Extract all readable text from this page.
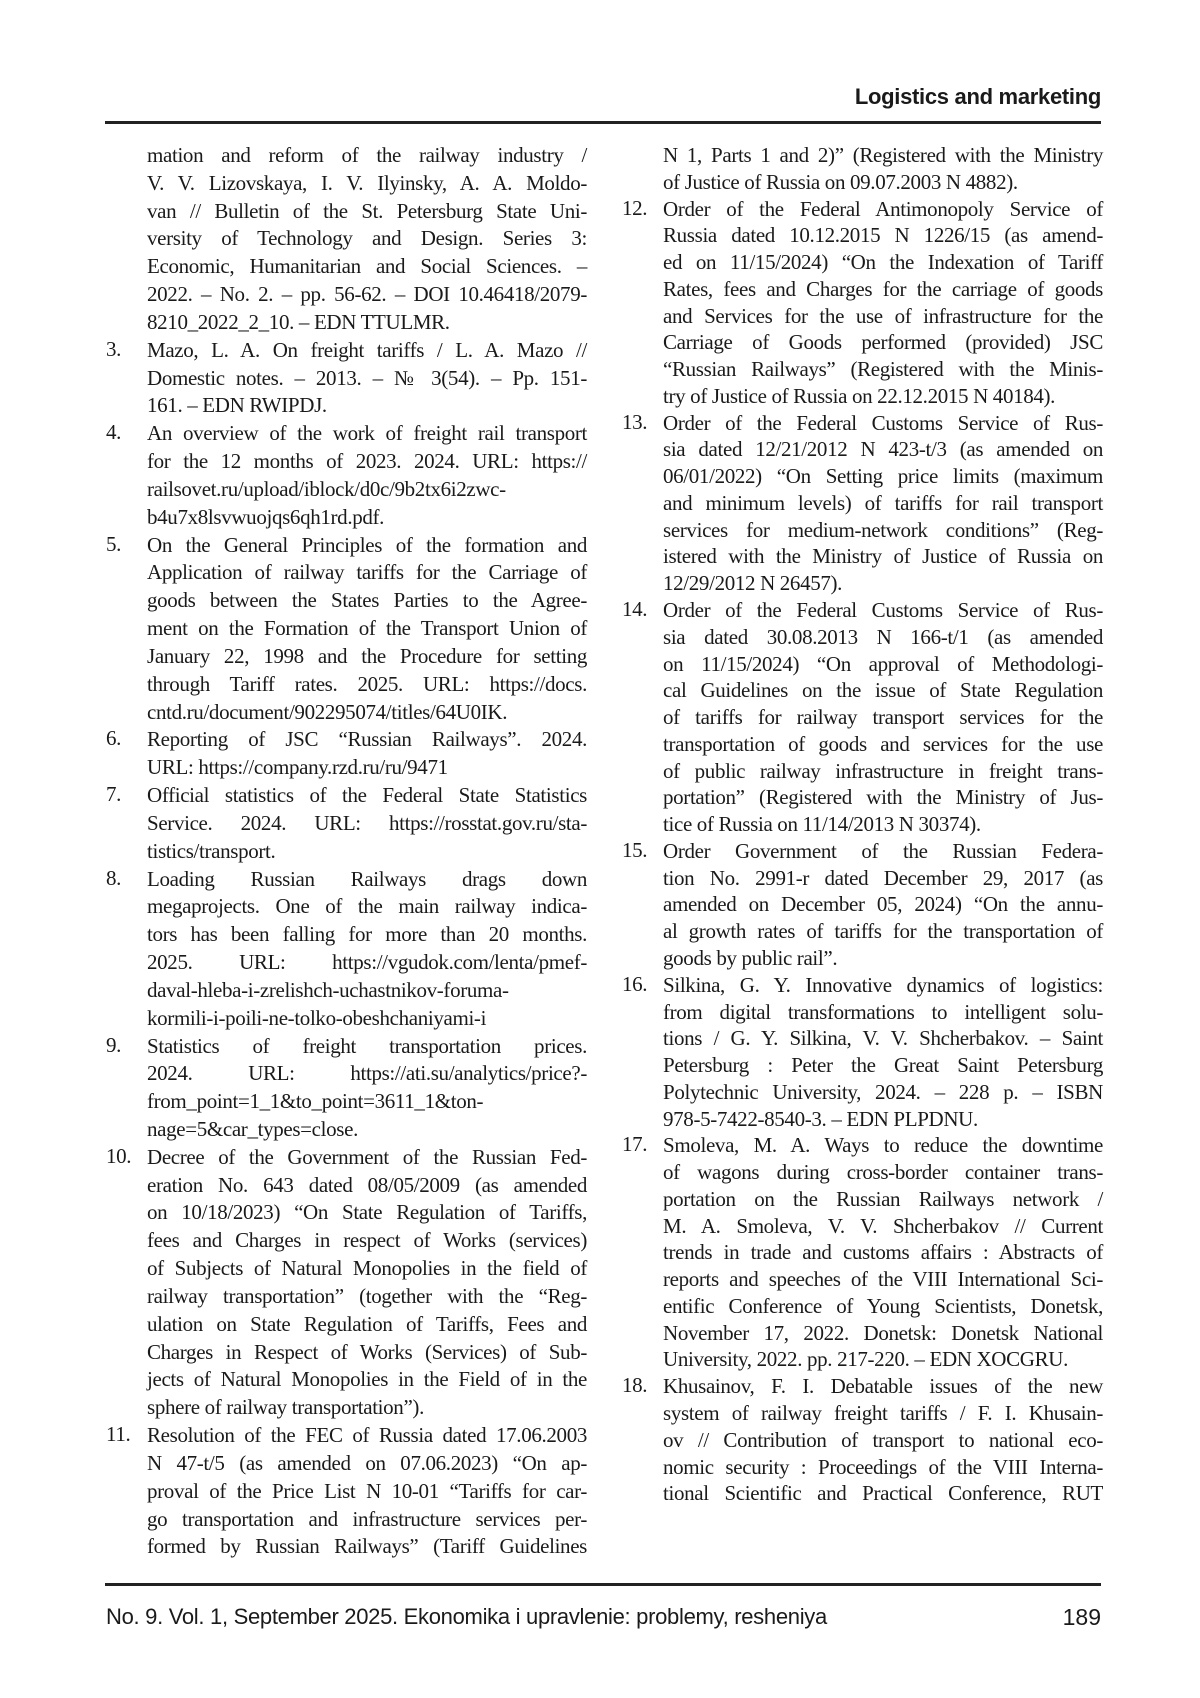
Logistics and marketing
mation and reform of the railway industry /
V. V. Lizovskaya, I. V. Ilyinsky, A. A. Moldo-
van // Bulletin of the St. Petersburg State Uni-
versity of Technology and Design. Series 3:
Economic, Humanitarian and Social Sciences. –
2022. – No. 2. – pp. 56-62. – DOI 10.46418/2079-
8210_2022_2_10. – EDN TTULMR.
3. Mazo, L. A. On freight tariffs / L. A. Mazo //
Domestic notes. – 2013. – № 3(54). – Pp. 151-
161. – EDN RWIPDJ.
4. An overview of the work of freight rail transport
for the 12 months of 2023. 2024. URL: https://
railsovet.ru/upload/iblock/d0c/9b2tx6i2zwc-
b4u7x8lsvwuojqs6qh1rd.pdf.
5. On the General Principles of the formation and
Application of railway tariffs for the Carriage of
goods between the States Parties to the Agree-
ment on the Formation of the Transport Union of
January 22, 1998 and the Procedure for setting
through Tariff rates. 2025. URL: https://docs.
cntd.ru/document/902295074/titles/64U0IK.
6. Reporting of JSC “Russian Railways”. 2024.
URL: https://company.rzd.ru/ru/9471
7. Official statistics of the Federal State Statistics
Service. 2024. URL: https://rosstat.gov.ru/sta-
tistics/transport.
8. Loading Russian Railways drags down
megaprojects. One of the main railway indica-
tors has been falling for more than 20 months.
2025. URL: https://vgudok.com/lenta/pmef-
daval-hleba-i-zrelishch-uchastnikov-foruma-
kormili-i-poili-ne-tolko-obeshchaniyami-i
9. Statistics of freight transportation prices.
2024. URL: https://ati.su/analytics/price?-
from_point=1_1&to_point=3611_1&ton-
nage=5&car_types=close.
10. Decree of the Government of the Russian Fed-
eration No. 643 dated 08/05/2009 (as amended
on 10/18/2023) “On State Regulation of Tariffs,
fees and Charges in respect of Works (services)
of Subjects of Natural Monopolies in the field of
railway transportation” (together with the “Reg-
ulation on State Regulation of Tariffs, Fees and
Charges in Respect of Works (Services) of Sub-
jects of Natural Monopolies in the Field of in the
sphere of railway transportation”).
11. Resolution of the FEC of Russia dated 17.06.2003
N 47-t/5 (as amended on 07.06.2023) “On ap-
proval of the Price List N 10-01 “Tariffs for car-
go transportation and infrastructure services per-
formed by Russian Railways” (Tariff Guidelines
N 1, Parts 1 and 2)” (Registered with the Ministry
of Justice of Russia on 09.07.2003 N 4882).
12. Order of the Federal Antimonopoly Service of
Russia dated 10.12.2015 N 1226/15 (as amend-
ed on 11/15/2024) “On the Indexation of Tariff
Rates, fees and Charges for the carriage of goods
and Services for the use of infrastructure for the
Carriage of Goods performed (provided) JSC
“Russian Railways” (Registered with the Minis-
try of Justice of Russia on 22.12.2015 N 40184).
13. Order of the Federal Customs Service of Rus-
sia dated 12/21/2012 N 423-t/3 (as amended on
06/01/2022) “On Setting price limits (maximum
and minimum levels) of tariffs for rail transport
services for medium-network conditions” (Reg-
istered with the Ministry of Justice of Russia on
12/29/2012 N 26457).
14. Order of the Federal Customs Service of Rus-
sia dated 30.08.2013 N 166-t/1 (as amended
on 11/15/2024) “On approval of Methodologi-
cal Guidelines on the issue of State Regulation
of tariffs for railway transport services for the
transportation of goods and services for the use
of public railway infrastructure in freight trans-
portation” (Registered with the Ministry of Jus-
tice of Russia on 11/14/2013 N 30374).
15. Order Government of the Russian Federa-
tion No. 2991-r dated December 29, 2017 (as
amended on December 05, 2024) “On the annu-
al growth rates of tariffs for the transportation of
goods by public rail”.
16. Silkina, G. Y. Innovative dynamics of logistics:
from digital transformations to intelligent solu-
tions / G. Y. Silkina, V. V. Shcherbakov. – Saint
Petersburg : Peter the Great Saint Petersburg
Polytechnic University, 2024. – 228 p. – ISBN
978-5-7422-8540-3. – EDN PLPDNU.
17. Smoleva, M. A. Ways to reduce the downtime
of wagons during cross-border container trans-
portation on the Russian Railways network /
M. A. Smoleva, V. V. Shcherbakov // Current
trends in trade and customs affairs : Abstracts of
reports and speeches of the VIII International Sci-
entific Conference of Young Scientists, Donetsk,
November 17, 2022. Donetsk: Donetsk National
University, 2022. pp. 217-220. – EDN XOCGRU.
18. Khusainov, F. I. Debatable issues of the new
system of railway freight tariffs / F. I. Khusain-
ov // Contribution of transport to national eco-
nomic security : Proceedings of the VIII Interna-
tional Scientific and Practical Conference, RUT
No. 9. Vol. 1, September 2025. Ekonomika i upravlenie: problemy, resheniya	189
